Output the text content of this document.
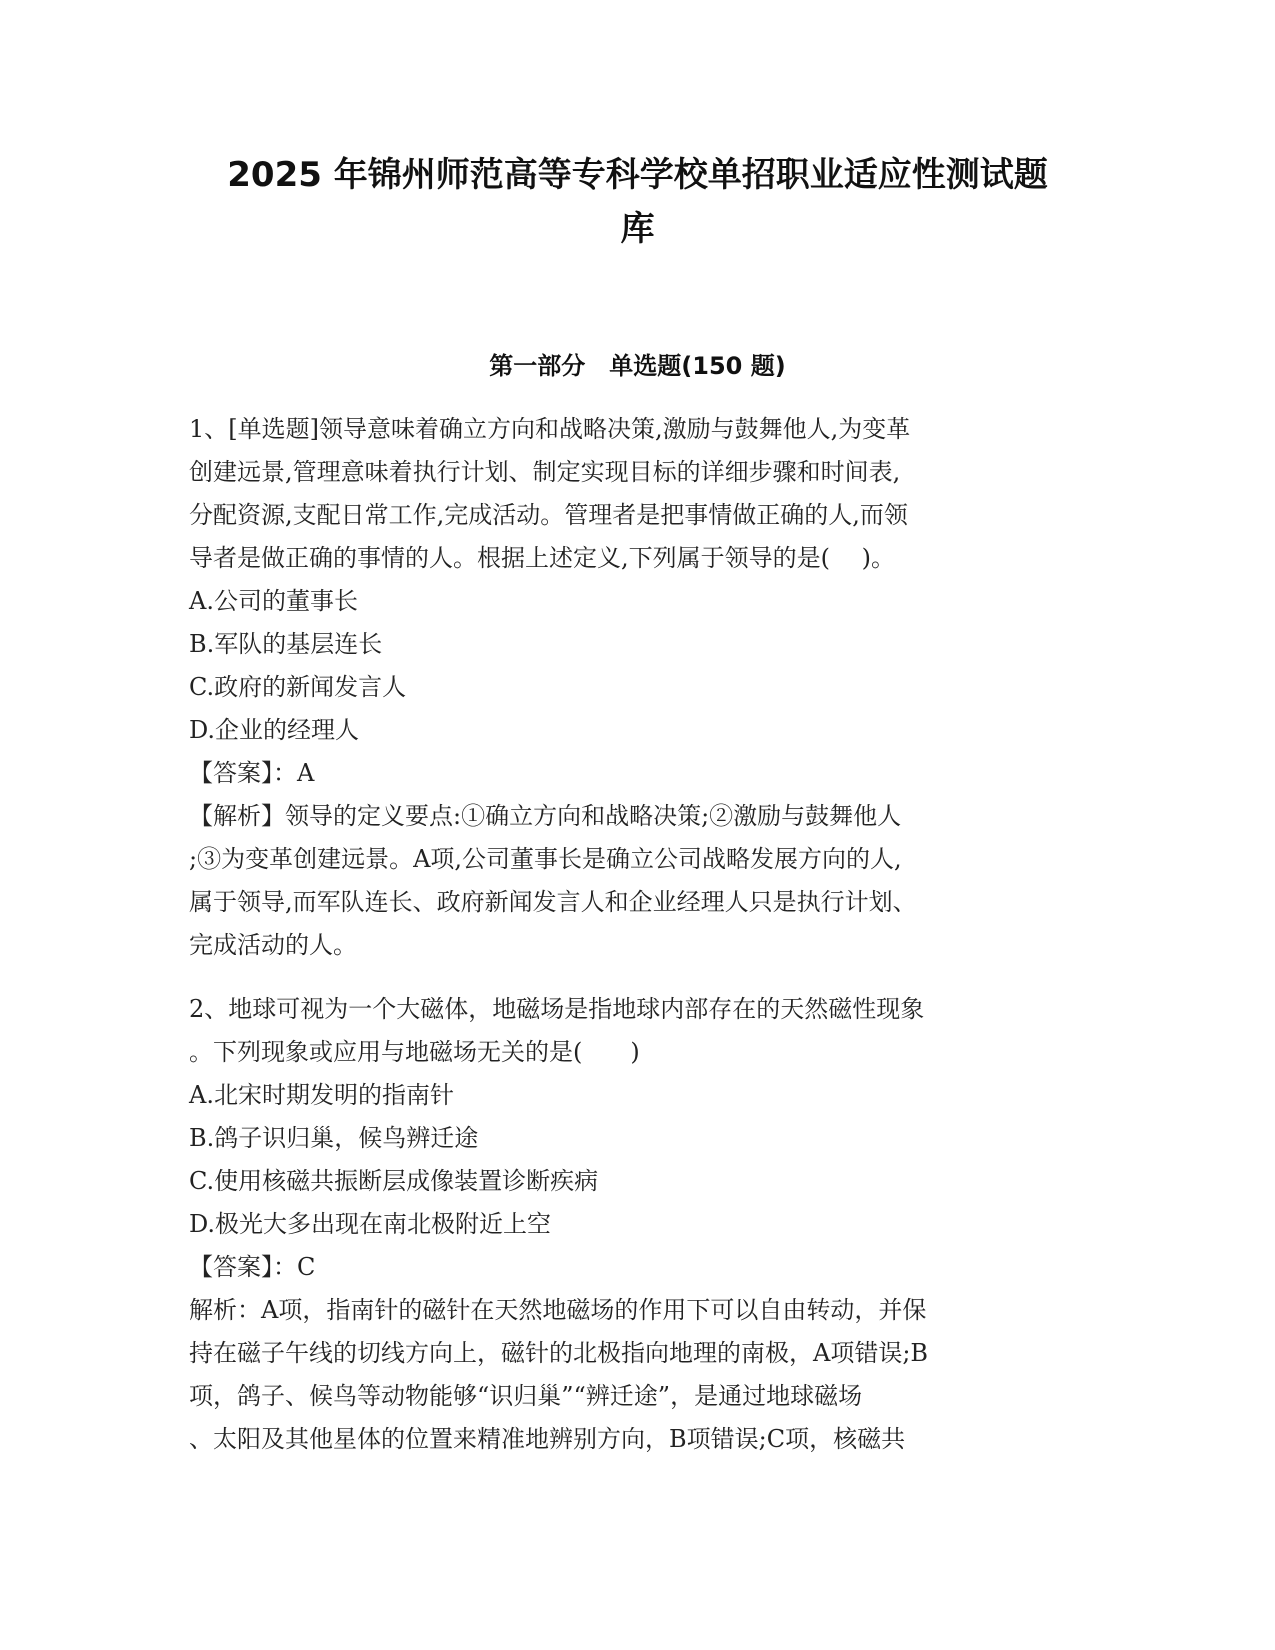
2025 年锦州师范高等专科学校单招职业适应性测试题
库
第一部分　单选题(150 题)
1、[单选题]领导意味着确立方向和战略决策,激励与鼓舞他人,为变革
创建远景,管理意味着执行计划、制定实现目标的详细步骤和时间表,
分配资源,支配日常工作,完成活动。管理者是把事情做正确的人,而领
导者是做正确的事情的人。根据上述定义,下列属于领导的是(　 )。
A.公司的董事长
B.军队的基层连长
C.政府的新闻发言人
D.企业的经理人
【答案】：A
【解析】领导的定义要点:①确立方向和战略决策;②激励与鼓舞他人
;③为变革创建远景。A项,公司董事长是确立公司战略发展方向的人,
属于领导,而军队连长、政府新闻发言人和企业经理人只是执行计划、
完成活动的人。
2、地球可视为一个大磁体，地磁场是指地球内部存在的天然磁性现象
。下列现象或应用与地磁场无关的是(　　)
A.北宋时期发明的指南针
B.鸽子识归巢，候鸟辨迁途
C.使用核磁共振断层成像装置诊断疾病
D.极光大多出现在南北极附近上空
【答案】：C
解析：A项，指南针的磁针在天然地磁场的作用下可以自由转动，并保
持在磁子午线的切线方向上，磁针的北极指向地理的南极，A项错误;B
项，鸽子、候鸟等动物能够“识归巢”“辨迁途”，是通过地球磁场
、太阳及其他星体的位置来精准地辨别方向，B项错误;C项，核磁共
